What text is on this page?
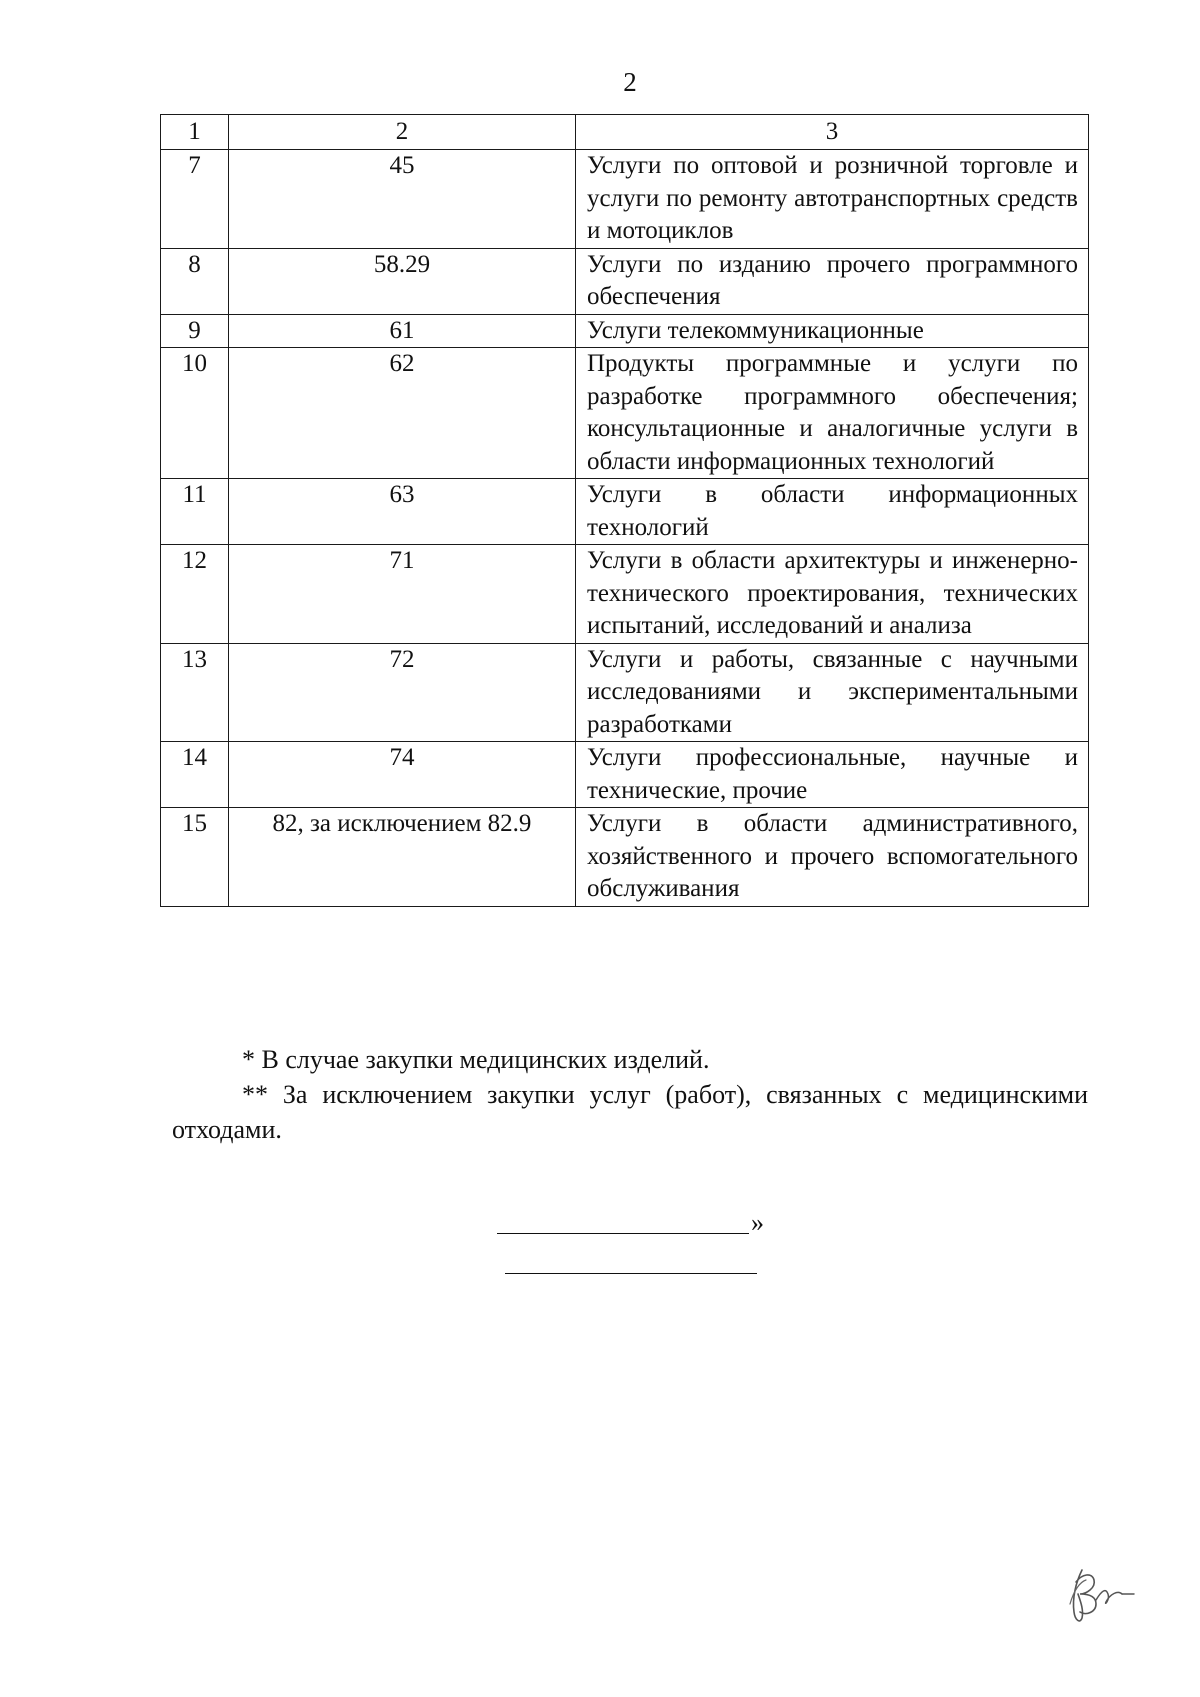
2
1	2	3
7	45	Услуги по оптовой и розничной торговле и услуги по ремонту автотранспортных средств и мотоциклов
8	58.29	Услуги по изданию прочего программного обеспечения
9	61	Услуги телекоммуникационные
10	62	Продукты программные и услуги по разработке программного обеспечения; консультационные и аналогичные услуги в области информационных технологий
11	63	Услуги в области информационных технологий
12	71	Услуги в области архитектуры и инженерно-технического проектирования, технических испытаний, исследований и анализа
13	72	Услуги и работы, связанные с научными исследованиями и экспериментальными разработками
14	74	Услуги профессиональные, научные и технические, прочие
15	82, за исключением 82.9	Услуги в области административного, хозяйственного и прочего вспомогательного обслуживания
* В случае закупки медицинских изделий.
** За исключением закупки услуг (работ), связанных с медицинскими отходами.
»
